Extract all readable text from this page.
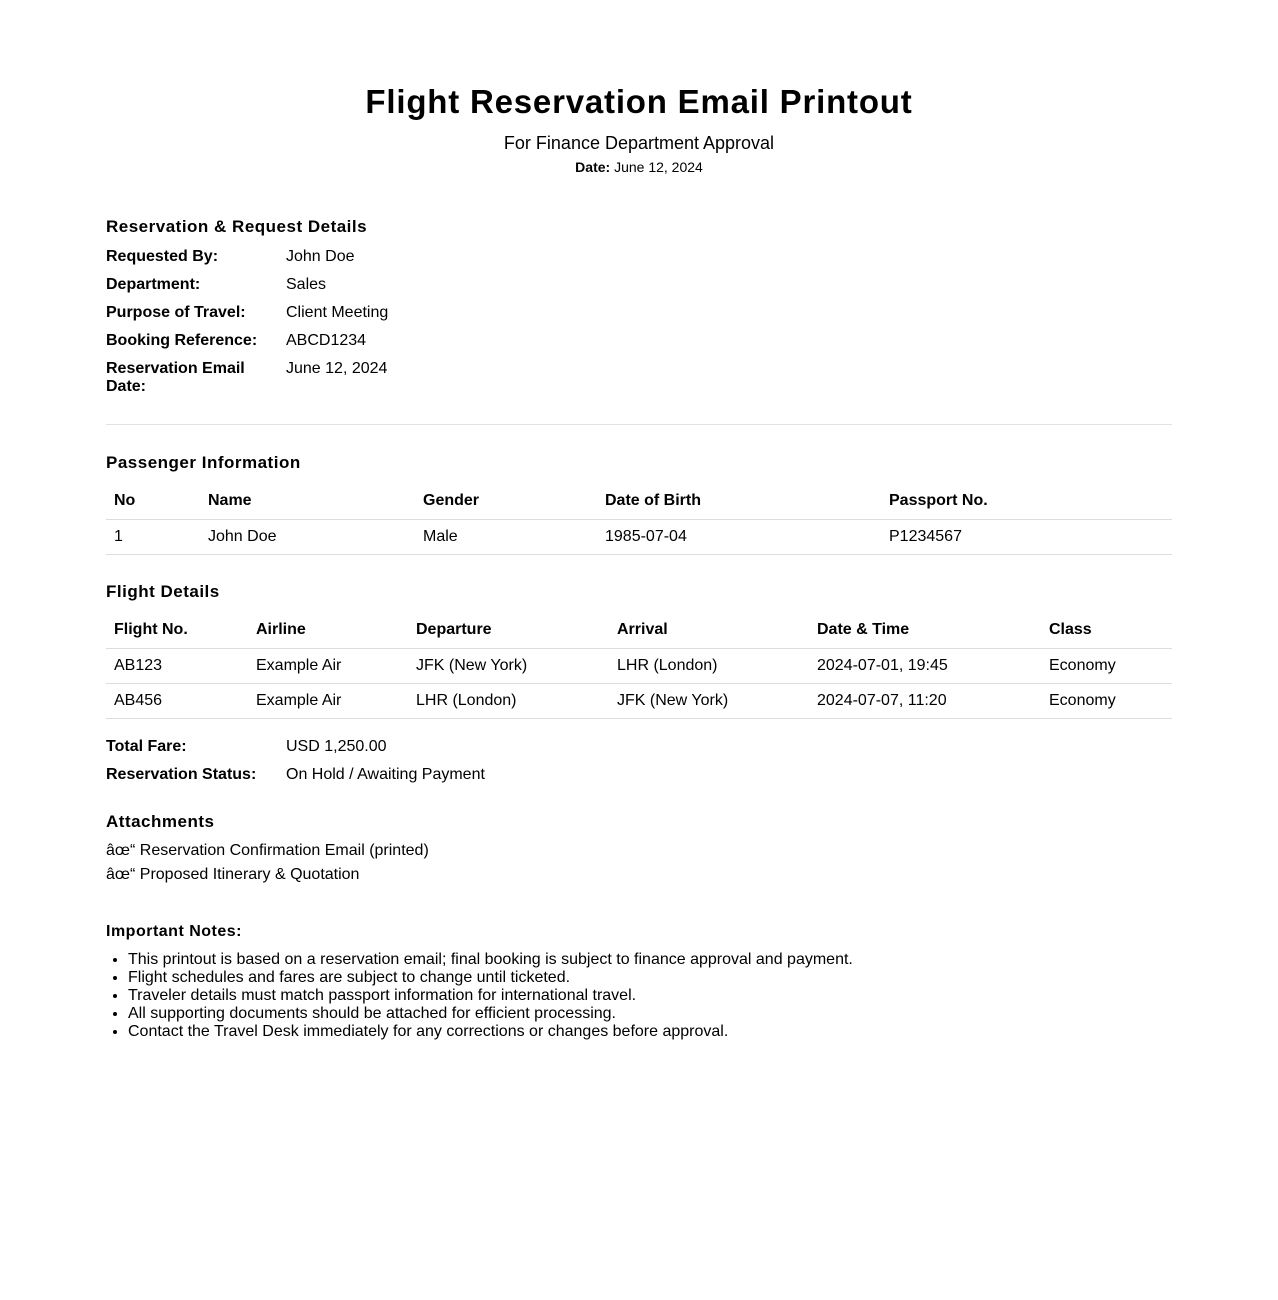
Flight Reservation Email Printout
For Finance Department Approval
Date: June 12, 2024
Reservation & Request Details
Requested By:	John Doe
Department:	Sales
Purpose of Travel:	Client Meeting
Booking Reference:	ABCD1234
Reservation Email Date:
June 12, 2024
Passenger Information
No	Name	Gender	Date of Birth	Passport No.
1	John Doe	Male	1985-07-04	P1234567
Flight Details
Flight No.	Airline	Departure	Arrival	Date & Time	Class
AB123	Example Air	JFK (New York)	LHR (London)	2024-07-01, 19:45	Economy
AB456	Example Air	LHR (London)	JFK (New York)	2024-07-07, 11:20	Economy
Total Fare:	USD 1,250.00
Reservation Status:	On Hold / Awaiting Payment
Attachments
âœ“ Reservation Confirmation Email (printed)
âœ“ Proposed Itinerary & Quotation
Important Notes:
• This printout is based on a reservation email; final booking is subject to finance approval and payment.
• Flight schedules and fares are subject to change until ticketed.
• Traveler details must match passport information for international travel.
• All supporting documents should be attached for efficient processing.
• Contact the Travel Desk immediately for any corrections or changes before approval.
